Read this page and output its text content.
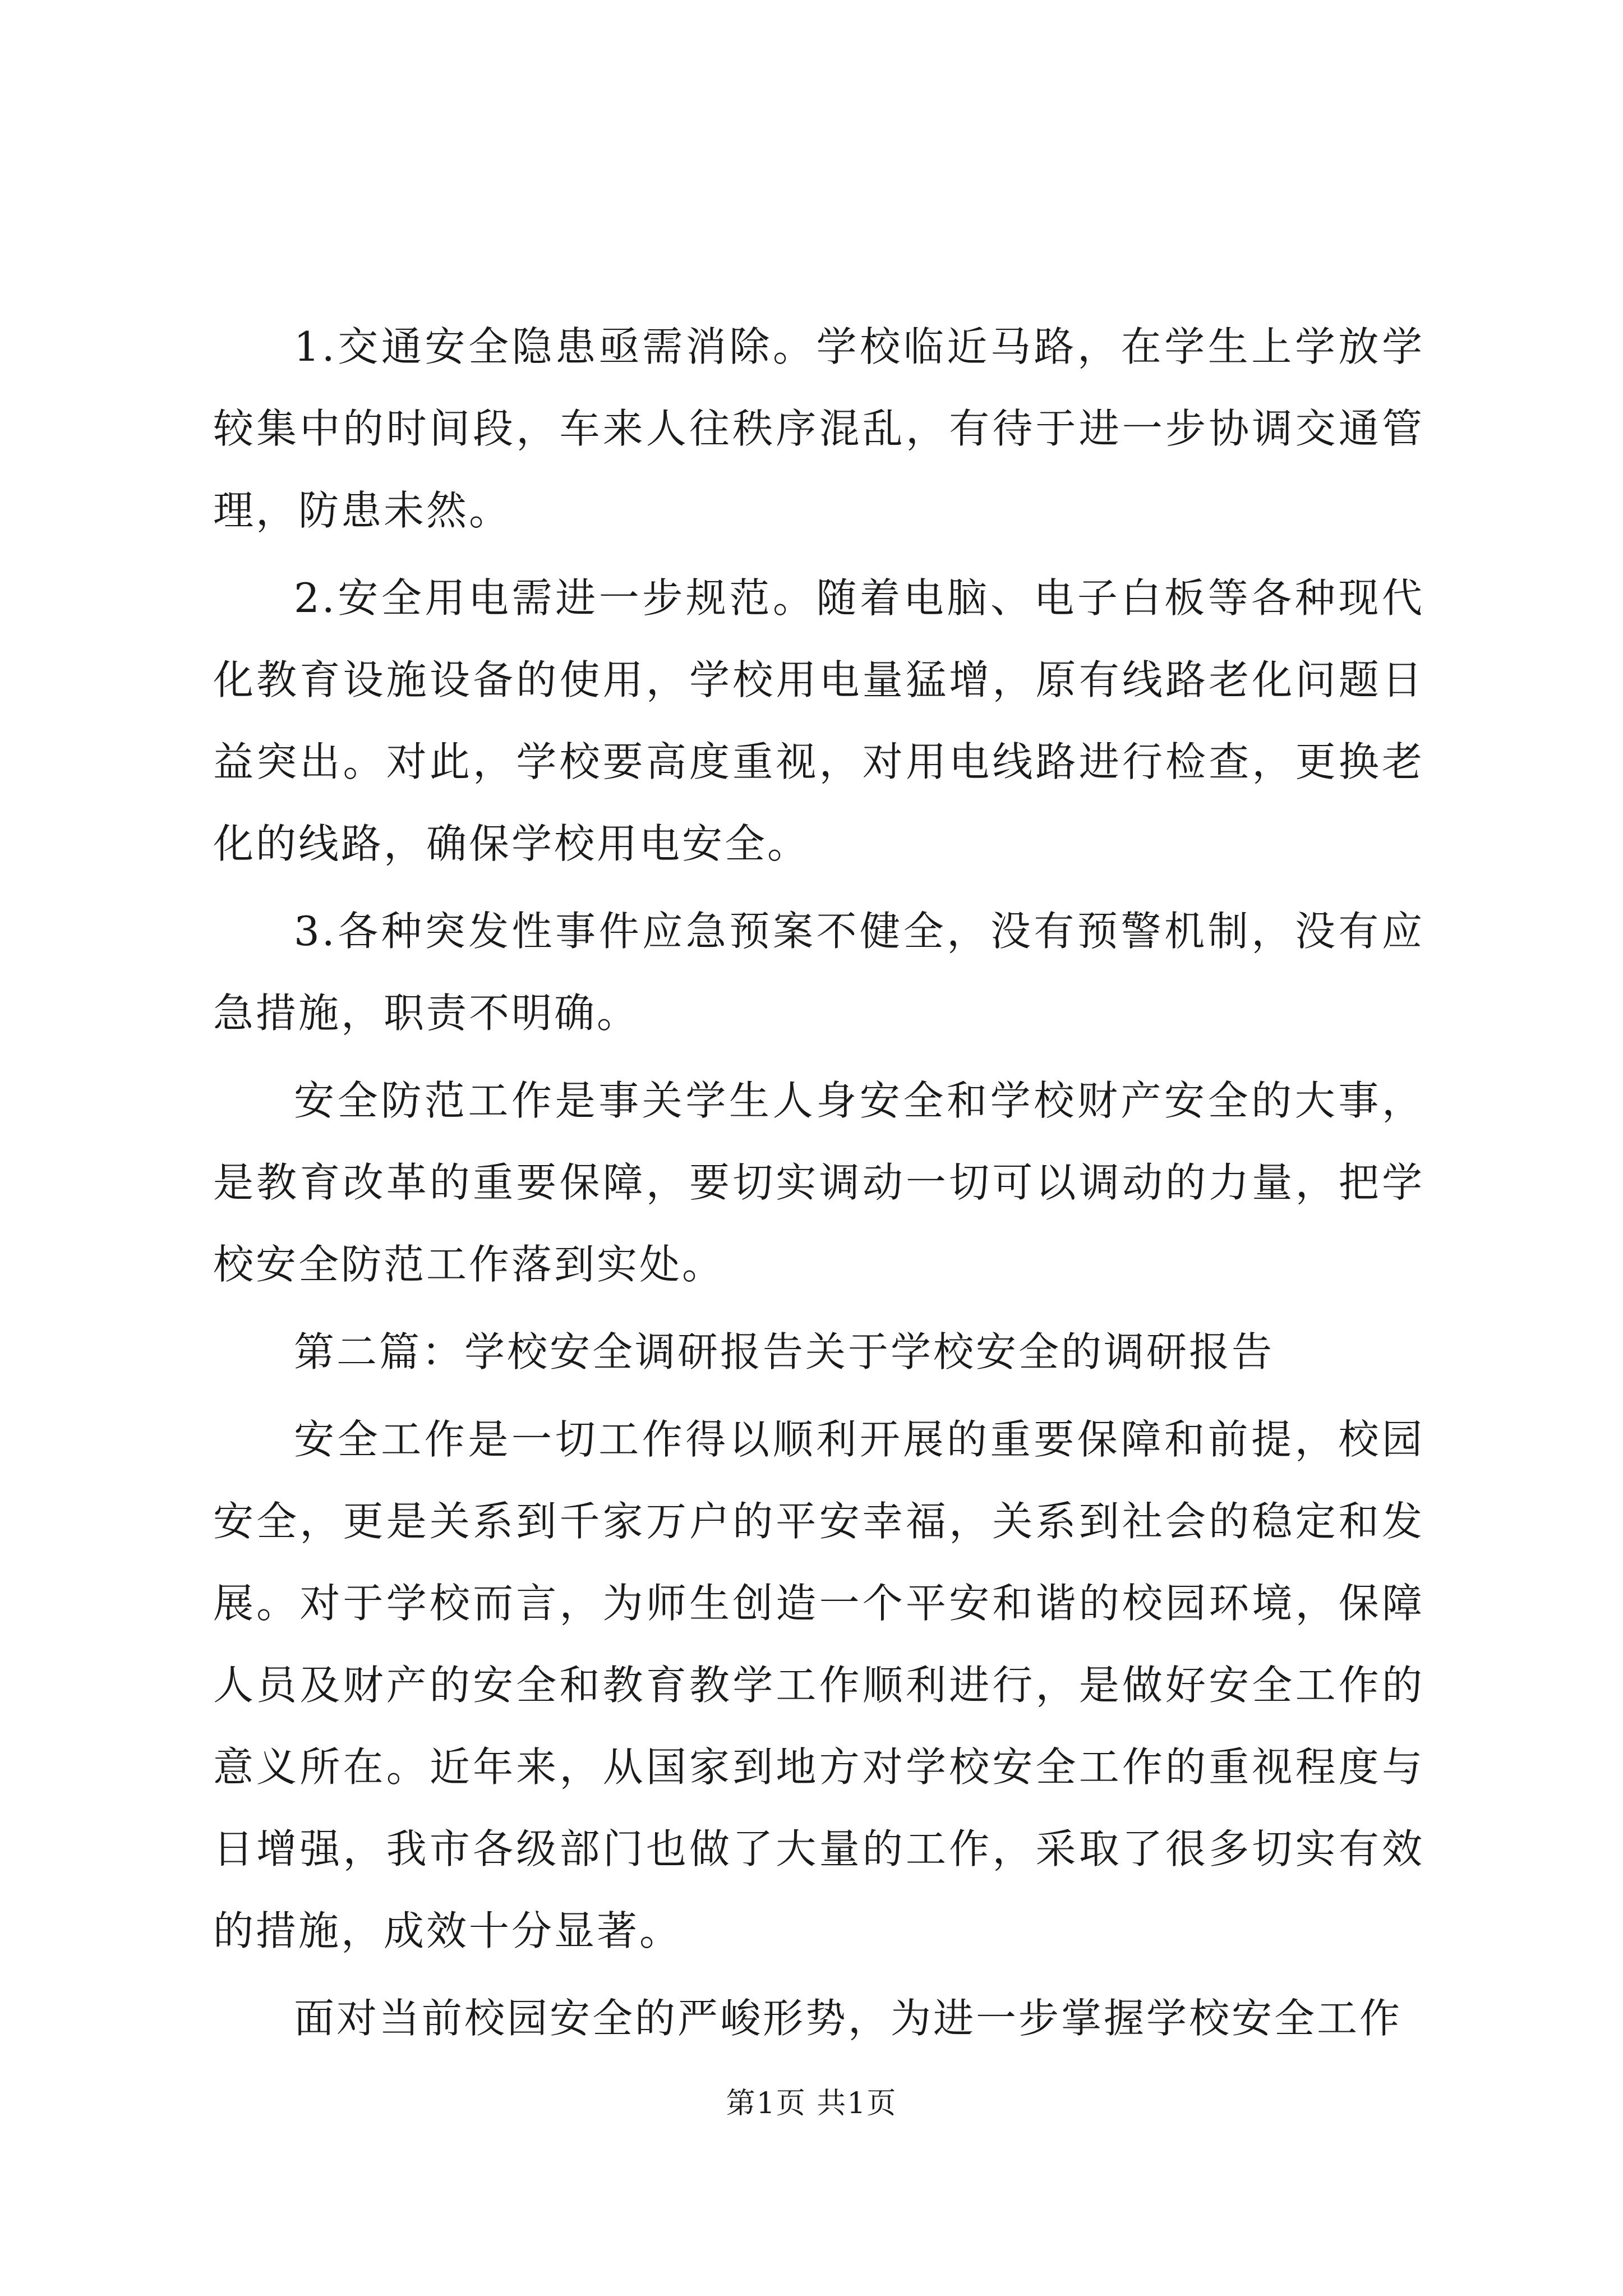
1.交通安全隐患亟需消除。学校临近马路，在学生上学放学较集中的时间段，车来人往秩序混乱，有待于进一步协调交通管理，防患未然。

2.安全用电需进一步规范。随着电脑、电子白板等各种现代化教育设施设备的使用，学校用电量猛增，原有线路老化问题日益突出。对此，学校要高度重视，对用电线路进行检查，更换老化的线路，确保学校用电安全。

3.各种突发性事件应急预案不健全，没有预警机制，没有应急措施，职责不明确。

安全防范工作是事关学生人身安全和学校财产安全的大事，是教育改革的重要保障，要切实调动一切可以调动的力量，把学校安全防范工作落到实处。

第二篇：学校安全调研报告关于学校安全的调研报告

安全工作是一切工作得以顺利开展的重要保障和前提，校园安全，更是关系到千家万户的平安幸福，关系到社会的稳定和发展。对于学校而言，为师生创造一个平安和谐的校园环境，保障人员及财产的安全和教育教学工作顺利进行，是做好安全工作的意义所在。近年来，从国家到地方对学校安全工作的重视程度与日增强，我市各级部门也做了大量的工作，采取了很多切实有效的措施，成效十分显著。

面对当前校园安全的严峻形势，为进一步掌握学校安全工作

第1页 共1页
